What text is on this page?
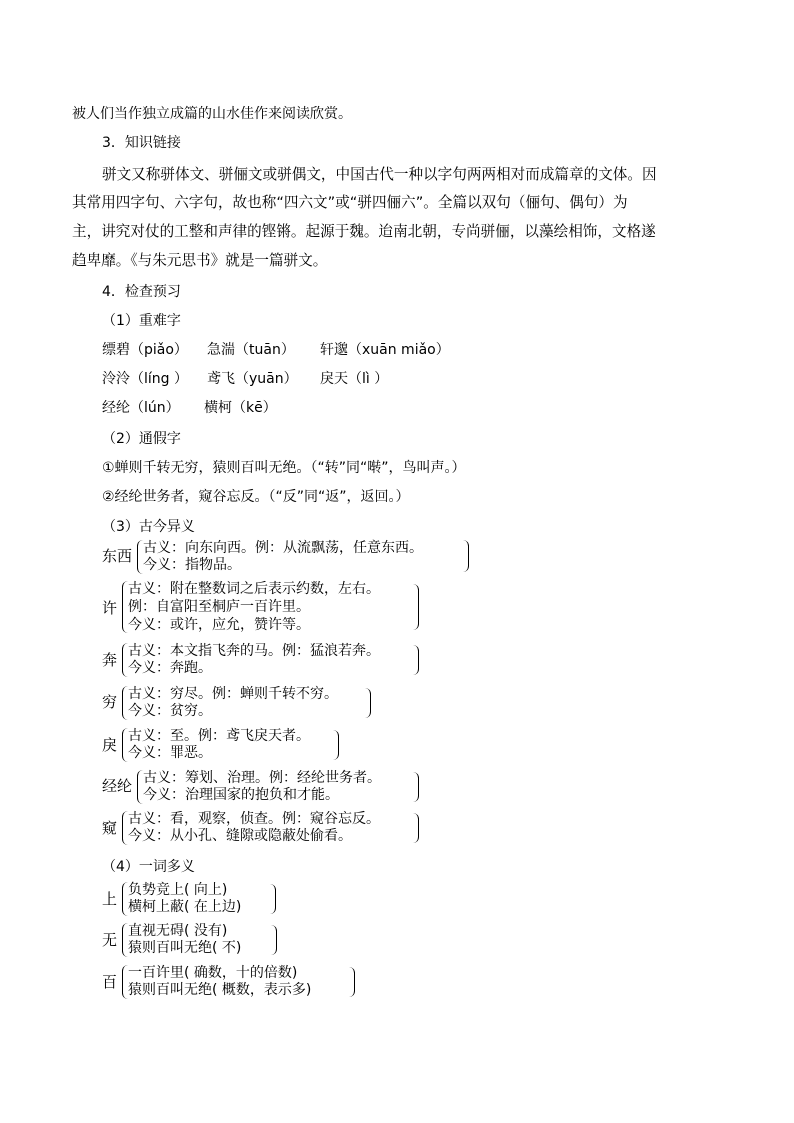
被人们当作独立成篇的山水佳作来阅读欣赏。
3．知识链接
骈文又称骈体文、骈俪文或骈偶文，中国古代一种以字句两两相对而成篇章的文体。因
其常用四字句、六字句，故也称“四六文”或“骈四俪六”。全篇以双句（俪句、偶句）为
主，讲究对仗的工整和声律的铿锵。起源于魏。迨南北朝，专尚骈俪，以藻绘相饰，文格遂
趋卑靡。《与朱元思书》就是一篇骈文。
4．检查预习
（1）重难字
缥碧（piǎo） 急湍（tuān） 轩邈（xuān miǎo）
泠泠（líng ） 鸢飞（yuān） 戾天（lì ）
经纶（lún） 横柯（kē）
（2）通假字
①蝉则千转无穷，猿则百叫无绝。（“转”同“啭”，鸟叫声。）
②经纶世务者，窥谷忘反。（“反”同“返”，返回。）
（3）古今异义
东西 古义：向东向西。例：从流飘荡，任意东西。
今义：指物品。
许
古义：附在整数词之后表示约数，左右。
例：自富阳至桐庐一百许里。
今义：或许，应允，赞许等。
奔 古义：本文指飞奔的马。例：猛浪若奔。
今义：奔跑。
穷 古义：穷尽。例：蝉则千转不穷。
今义：贫穷。
戾 古义：至。例：鸢飞戾天者。
今义：罪恶。
经纶 古义：筹划、治理。例：经纶世务者。
今义：治理国家的抱负和才能。
窥 古义：看，观察，侦查。例：窥谷忘反。
今义：从小孔、缝隙或隐蔽处偷看。
（4）一词多义
上 负势竞上( 向上)
横柯上蔽( 在上边)
无 直视无碍( 没有)
猿则百叫无绝( 不)
百 一百许里( 确数，十的倍数)
猿则百叫无绝( 概数，表示多)
